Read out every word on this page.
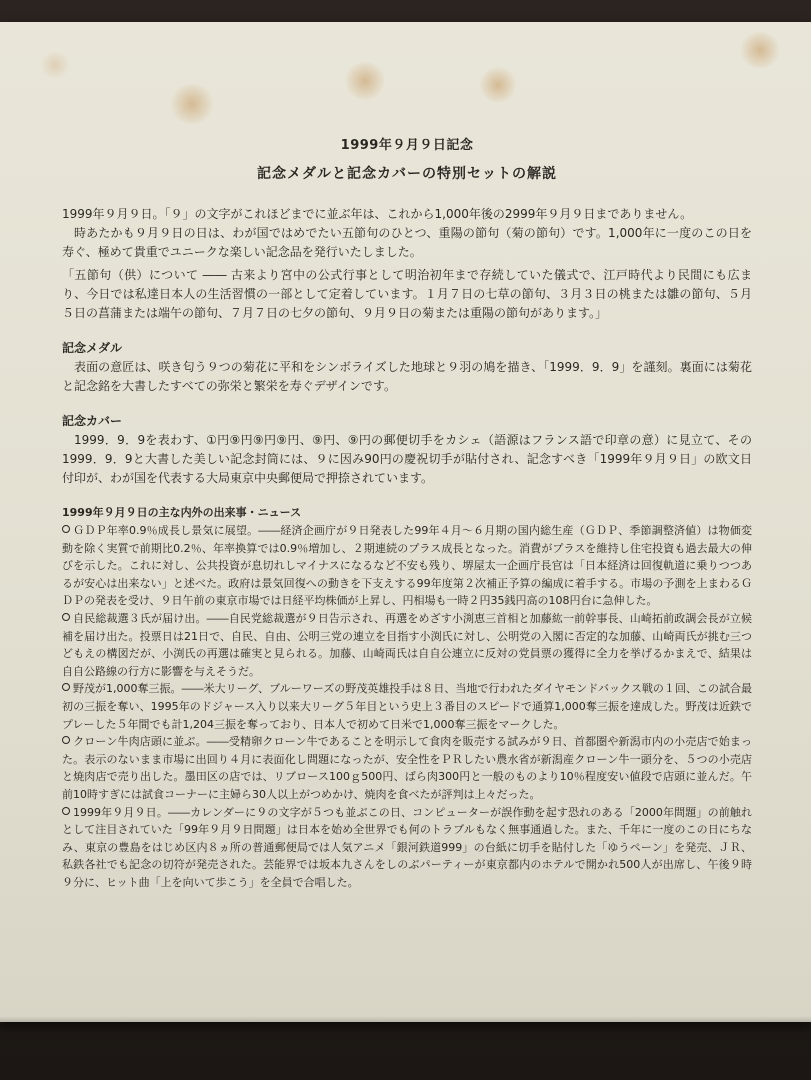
1999年９月９日記念
記念メダルと記念カバーの特別セットの解説

1999年９月９日。「９」の文字がこれほどまでに並ぶ年は、これから1,000年後の2999年９月９日までありません。

時あたかも９月９日の日は、わが国ではめでたい五節句のひとつ、重陽の節句（菊の節句）です。1,000年に一度のこの日を寿ぐ、極めて貴重でユニークな楽しい記念品を発行いたしました。

「五節句（供）について ―― 古来より宮中の公式行事として明治初年まで存続していた儀式で、江戸時代より民間にも広まり、今日では私達日本人の生活習慣の一部として定着しています。１月７日の七草の節句、３月３日の桃または雛の節句、５月５日の菖蒲または端午の節句、７月７日の七夕の節句、９月９日の菊または重陽の節句があります。」

記念メダル

表面の意匠は、咲き匂う９つの菊花に平和をシンボライズした地球と９羽の鳩を描き、「1999．9．9」を謹刻。裏面には菊花と記念銘を大書したすべての弥栄と繁栄を寿ぐデザインです。

記念カバー

1999．9．9を表わす、①円⑨円⑨円⑨円、⑨円、⑨円の郵便切手をカシェ（語源はフランス語で印章の意）に見立て、その1999．9．9と大書した美しい記念封筒には、９に因み90円の慶祝切手が貼付され、記念すべき「1999年９月９日」の欧文日付印が、わが国を代表する大局東京中央郵便局で押捺されています。

1999年９月９日の主な内外の出来事・ニュース
ＧＤＰ年率0.9％成長し景気に展望。――経済企画庁が９日発表した99年４月～６月期の国内総生産（ＧＤＰ、季節調整済値）は物価変動を除く実質で前期比0.2％、年率換算では0.9％増加し、２期連続のプラス成長となった。消費がプラスを維持し住宅投資も過去最大の伸びを示した。これに対し、公共投資が息切れしマイナスになるなど不安も残り、堺屋太一企画庁長官は「日本経済は回復軌道に乗りつつあるが安心は出来ない」と述べた。政府は景気回復への動きを下支えする99年度第２次補正予算の編成に着手する。市場の予測を上まわるＧＤＰの発表を受け、９日午前の東京市場では日経平均株価が上昇し、円相場も一時２円35銭円高の108円台に急伸した。
自民総裁選３氏が届け出。――自民党総裁選が９日告示され、再選をめざす小渕恵三首相と加藤紘一前幹事長、山崎拓前政調会長が立候補を届け出た。投票日は21日で、自民、自由、公明三党の連立を目指す小渕氏に対し、公明党の入閣に否定的な加藤、山崎両氏が挑む三つどもえの構図だが、小渕氏の再選は確実と見られる。加藤、山崎両氏は自自公連立に反対の党員票の獲得に全力を挙げるかまえで、結果は自自公路線の行方に影響を与えそうだ。
野茂が1,000奪三振。――米大リーグ、ブルーワーズの野茂英雄投手は８日、当地で行われたダイヤモンドバックス戦の１回、この試合最初の三振を奪い、1995年のドジャース入り以来大リーグ５年目という史上３番目のスピードで通算1,000奪三振を達成した。野茂は近鉄でプレーした５年間でも計1,204三振を奪っており、日本人で初めて日米で1,000奪三振をマークした。
クローン牛肉店頭に並ぶ。――受精卵クローン牛であることを明示して食肉を販売する試みが９日、首都圏や新潟市内の小売店で始まった。表示のないまま市場に出回り４月に表面化し問題になったが、安全性をＰＲしたい農水省が新潟産クローン牛一頭分を、５つの小売店と焼肉店で売り出した。墨田区の店では、リブロース100ｇ500円、ばら肉300円と一般のものより10％程度安い値段で店頭に並んだ。午前10時すぎには試食コーナーに主婦ら30人以上がつめかけ、焼肉を食べたが評判は上々だった。
1999年９月９日。――カレンダーに９の文字が５つも並ぶこの日、コンピューターが誤作動を起す恐れのある「2000年問題」の前触れとして注目されていた「99年９月９日問題」は日本を始め全世界でも何のトラブルもなく無事通過した。また、千年に一度のこの日にちなみ、東京の豊島をはじめ区内８ヵ所の普通郵便局では人気アニメ「銀河鉄道999」の台紙に切手を貼付した「ゆうペーン」を発売、ＪＲ、私鉄各社でも記念の切符が発売された。芸能界では坂本九さんをしのぶパーティーが東京都内のホテルで開かれ500人が出席し、午後９時９分に、ヒット曲「上を向いて歩こう」を全員で合唱した。
